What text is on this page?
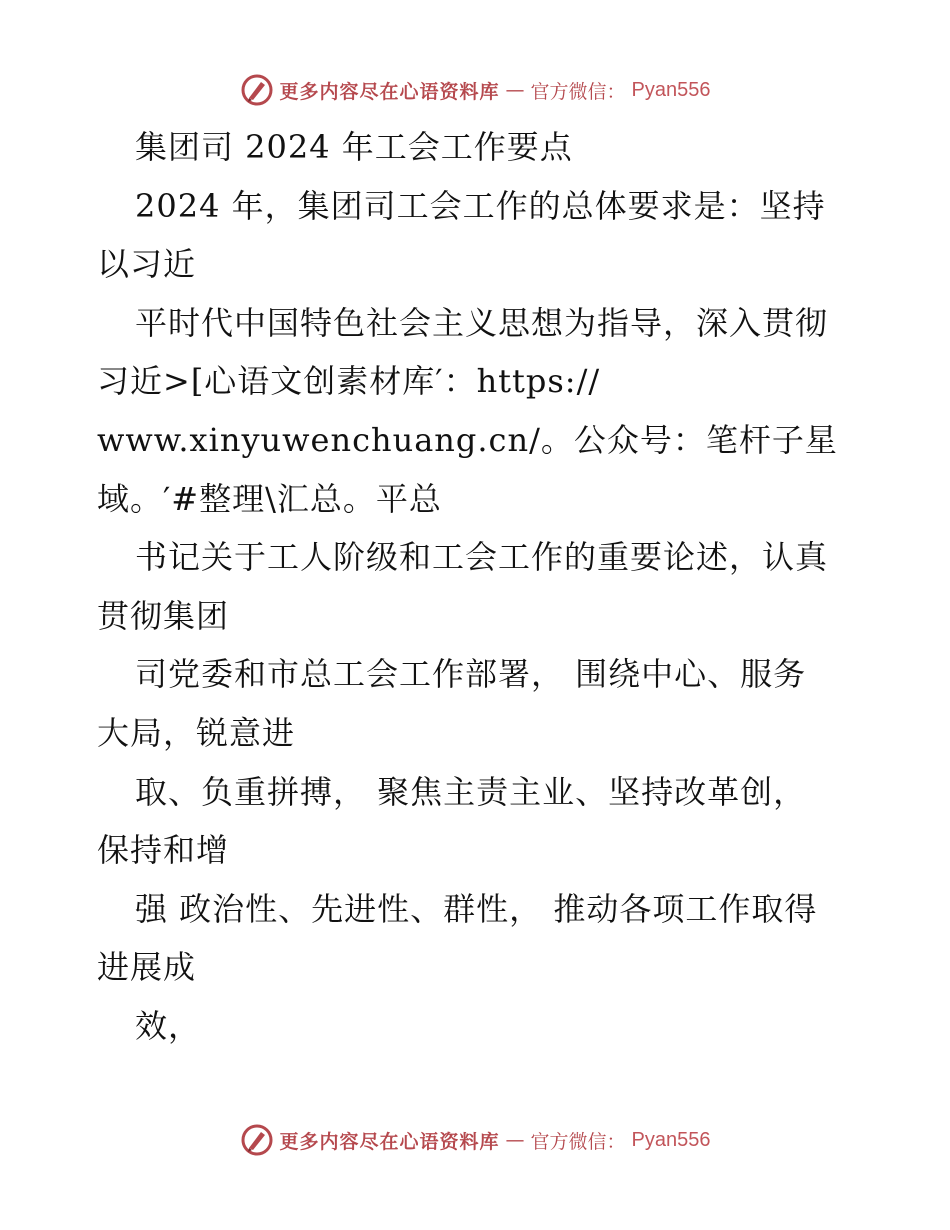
更多内容尽在心语资料库 — 官方微信： Pyan556
集团司 2024 年工会工作要点
2024 年，集团司工会工作的总体要求是：坚持
以习近
平时代中国特色社会主义思想为指导，深入贯彻
习近>[心语文创素材库′：https://
www.xinyuwenchuang.cn/。公众号：笔杆子星
域。′#整理\汇总。平总
书记关于工人阶级和工会工作的重要论述，认真
贯彻集团
司党委和市总工会工作部署， 围绕中心、服务
大局，锐意进
取、负重拼搏， 聚焦主责主业、坚持改革创，
保持和增
强 政治性、先进性、群性， 推动各项工作取得
进展成
效，
更多内容尽在心语资料库 — 官方微信： Pyan556
